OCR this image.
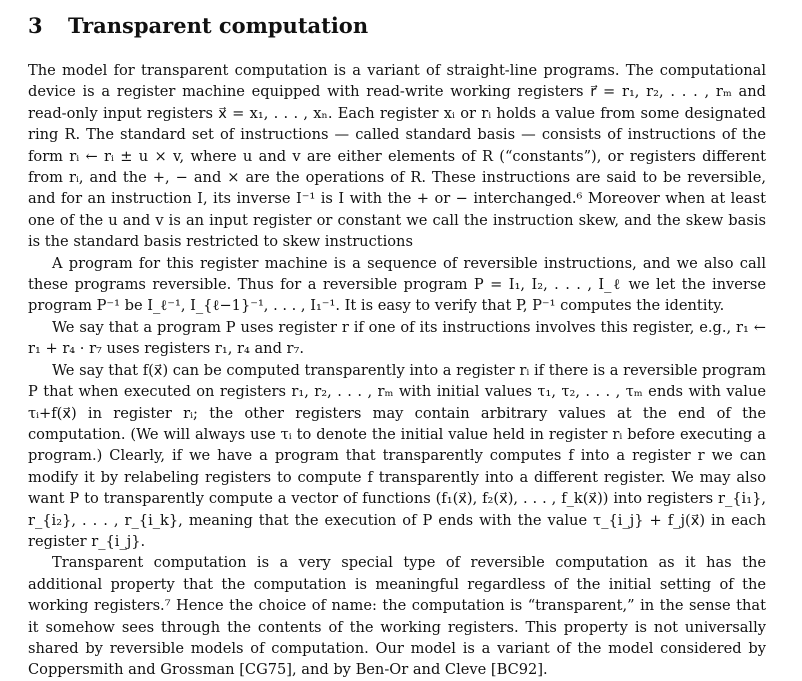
3	Transparent computation

The model for transparent computation is a variant of straight-line programs. The computational device is a register machine equipped with read-write working registers r⃗ = r₁, r₂, . . . , rₘ and read-only input registers x⃗ = x₁, . . . , xₙ. Each register xᵢ or rᵢ holds a value from some designated ring R. The standard set of instructions — called standard basis — consists of instructions of the form rᵢ ← rᵢ ± u × v, where u and v are either elements of R (“constants”), or registers different from rᵢ, and the +, − and × are the operations of R. These instructions are said to be reversible, and for an instruction I, its inverse I⁻¹ is I with the + or − interchanged.⁶ Moreover when at least one of the u and v is an input register or constant we call the instruction skew, and the skew basis is the standard basis restricted to skew instructions

A program for this register machine is a sequence of reversible instructions, and we also call these programs reversible. Thus for a reversible program P = I₁, I₂, . . . , I_ℓ we let the inverse program P⁻¹ be I_ℓ⁻¹, I_{ℓ−1}⁻¹, . . . , I₁⁻¹. It is easy to verify that P, P⁻¹ computes the identity.

We say that a program P uses register r if one of its instructions involves this register, e.g., r₁ ← r₁ + r₄ · r₇ uses registers r₁, r₄ and r₇.

We say that f(x⃗) can be computed transparently into a register rᵢ if there is a reversible program P that when executed on registers r₁, r₂, . . . , rₘ with initial values τ₁, τ₂, . . . , τₘ ends with value τᵢ+f(x⃗) in register rᵢ; the other registers may contain arbitrary values at the end of the computation. (We will always use τᵢ to denote the initial value held in register rᵢ before executing a program.) Clearly, if we have a program that transparently computes f into a register r we can modify it by relabeling registers to compute f transparently into a different register. We may also want P to transparently compute a vector of functions (f₁(x⃗), f₂(x⃗), . . . , f_k(x⃗)) into registers r_{i₁}, r_{i₂}, . . . , r_{i_k}, meaning that the execution of P ends with the value τ_{i_j} + f_j(x⃗) in each register r_{i_j}.

Transparent computation is a very special type of reversible computation as it has the additional property that the computation is meaningful regardless of the initial setting of the working registers.⁷ Hence the choice of name: the computation is “transparent,” in the sense that it somehow sees through the contents of the working registers. This property is not universally shared by reversible models of computation. Our model is a variant of the model considered by Coppersmith and Grossman [CG75], and by Ben-Or and Cleve [BC92].
